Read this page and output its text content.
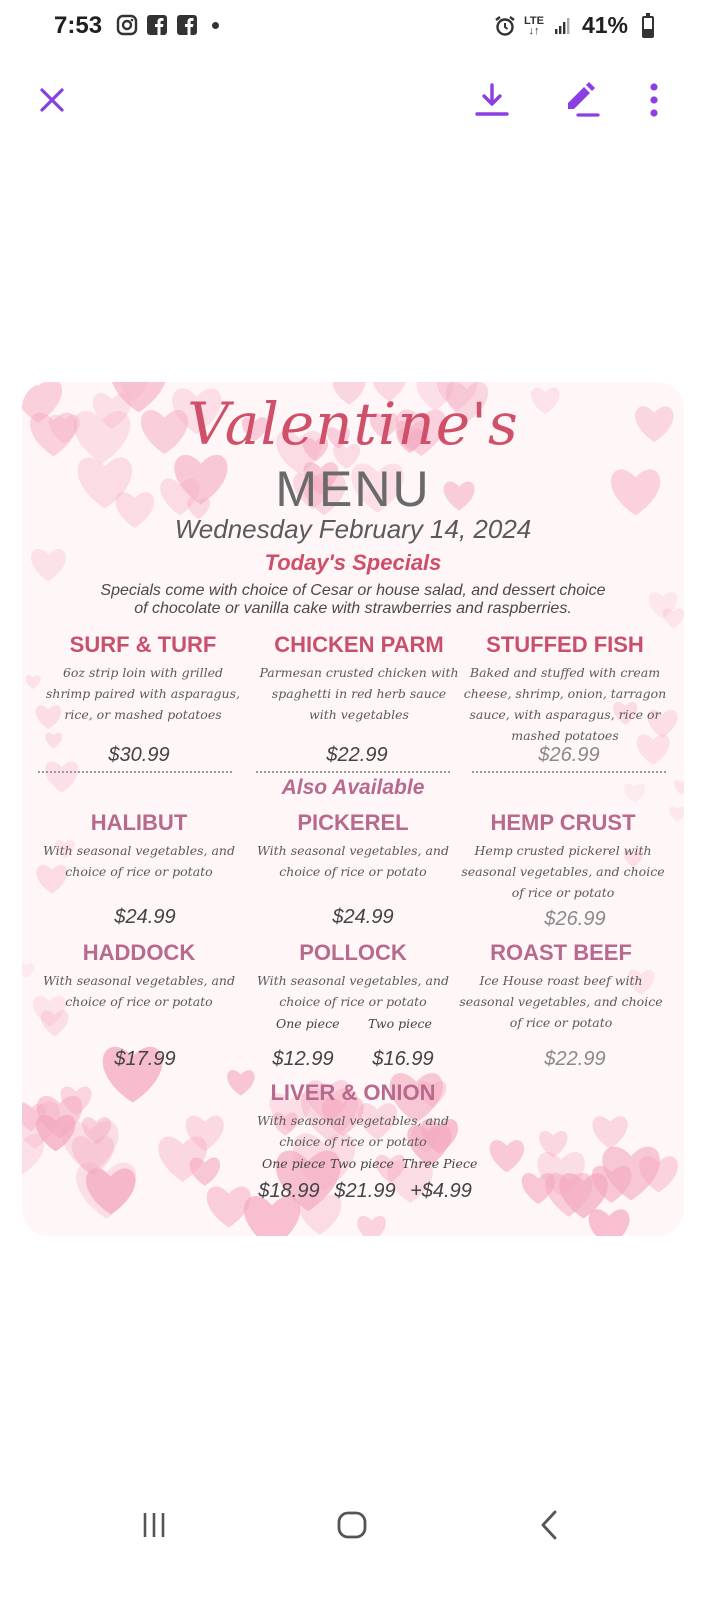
7:53	LTE
↓↑ 41%
Valentine's
MENU
Wednesday February 14, 2024
Today's Specials
Specials come with choice of Cesar or house salad, and dessert choice
of chocolate or vanilla cake with strawberries and raspberries.
SURF & TURF
6oz strip loin with grilled shrimp paired with asparagus, rice, or mashed potatoes
CHICKEN PARM
Parmesan crusted chicken with spaghetti in red herb sauce with vegetables
STUFFED FISH
Baked and stuffed with cream cheese, shrimp, onion, tarragon sauce, with asparagus, rice or mashed potatoes
$30.99	$22.99	$26.99
Also Available
HALIBUT
With seasonal vegetables, and choice of rice or potato
PICKEREL
With seasonal vegetables, and choice of rice or potato
HEMP CRUST
Hemp crusted pickerel with seasonal vegetables, and choice of rice or potato
$24.99	$24.99	$26.99
HADDOCK
With seasonal vegetables, and choice of rice or potato
POLLOCK
With seasonal vegetables, and choice of rice or potato
ROAST BEEF
Ice House roast beef with seasonal vegetables, and choice of rice or potato
One piece Two piece
$17.99	$12.99	$16.99	$22.99
LIVER & ONION
With seasonal vegetables, and choice of rice or potato
One piece Two piece Three Piece
$18.99 $21.99 +$4.99
